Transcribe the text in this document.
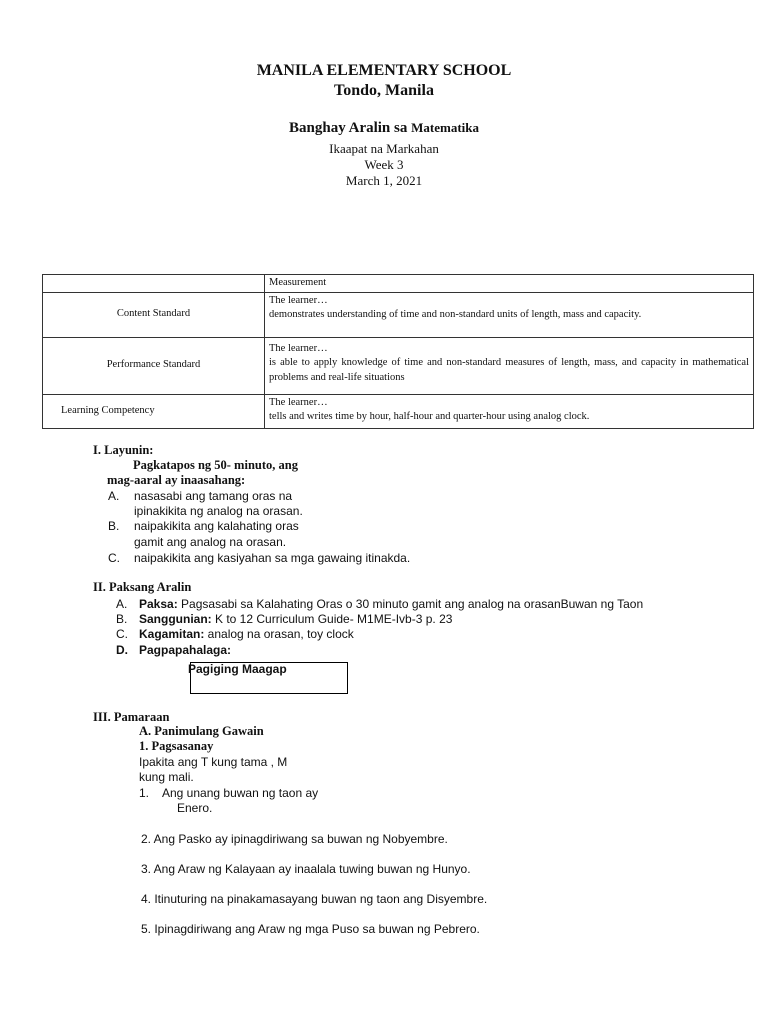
MANILA ELEMENTARY SCHOOL
Tondo, Manila
Banghay Aralin sa Matematika
Ikaapat na Markahan
Week 3
March 1, 2021
	Measurement
Content Standard	The learner…
demonstrates understanding of time and non-standard units of length, mass and capacity.

Performance Standard	The learner…
is able to apply knowledge of time and non-standard measures of length, mass, and capacity in mathematical problems and real-life situations

Learning Competency	The learner…
tells and writes time by hour, half-hour and quarter-hour using analog clock.
I. Layunin:
Pagkatapos ng 50- minuto, ang
mag-aaral ay inaasahang:
A. nasasabi ang tamang oras na
ipinakikita ng analog na orasan.
B. naipakikita ang kalahating oras
gamit ang analog na orasan.
C. naipakikita ang kasiyahan sa mga gawaing itinakda.
II. Paksang Aralin
A. Paksa: Pagsasabi sa Kalahating Oras o 30 minuto gamit ang analog na orasanBuwan ng Taon
B. Sanggunian: K to 12 Curriculum Guide- M1ME-Ivb-3 p. 23
C. Kagamitan: analog na orasan, toy clock
D. Pagpapahalaga:
Pagiging Maagap
III. Pamaraan
A. Panimulang Gawain
1. Pagsasanay
Ipakita ang T kung tama , M
kung mali.
1. Ang unang buwan ng taon ay
Enero.
2. Ang Pasko ay ipinagdiriwang sa buwan ng Nobyembre.
3. Ang Araw ng Kalayaan ay inaalala tuwing buwan ng Hunyo.
4. Itinuturing na pinakamasayang buwan ng taon ang Disyembre.
5. Ipinagdiriwang ang Araw ng mga Puso sa buwan ng Pebrero.
